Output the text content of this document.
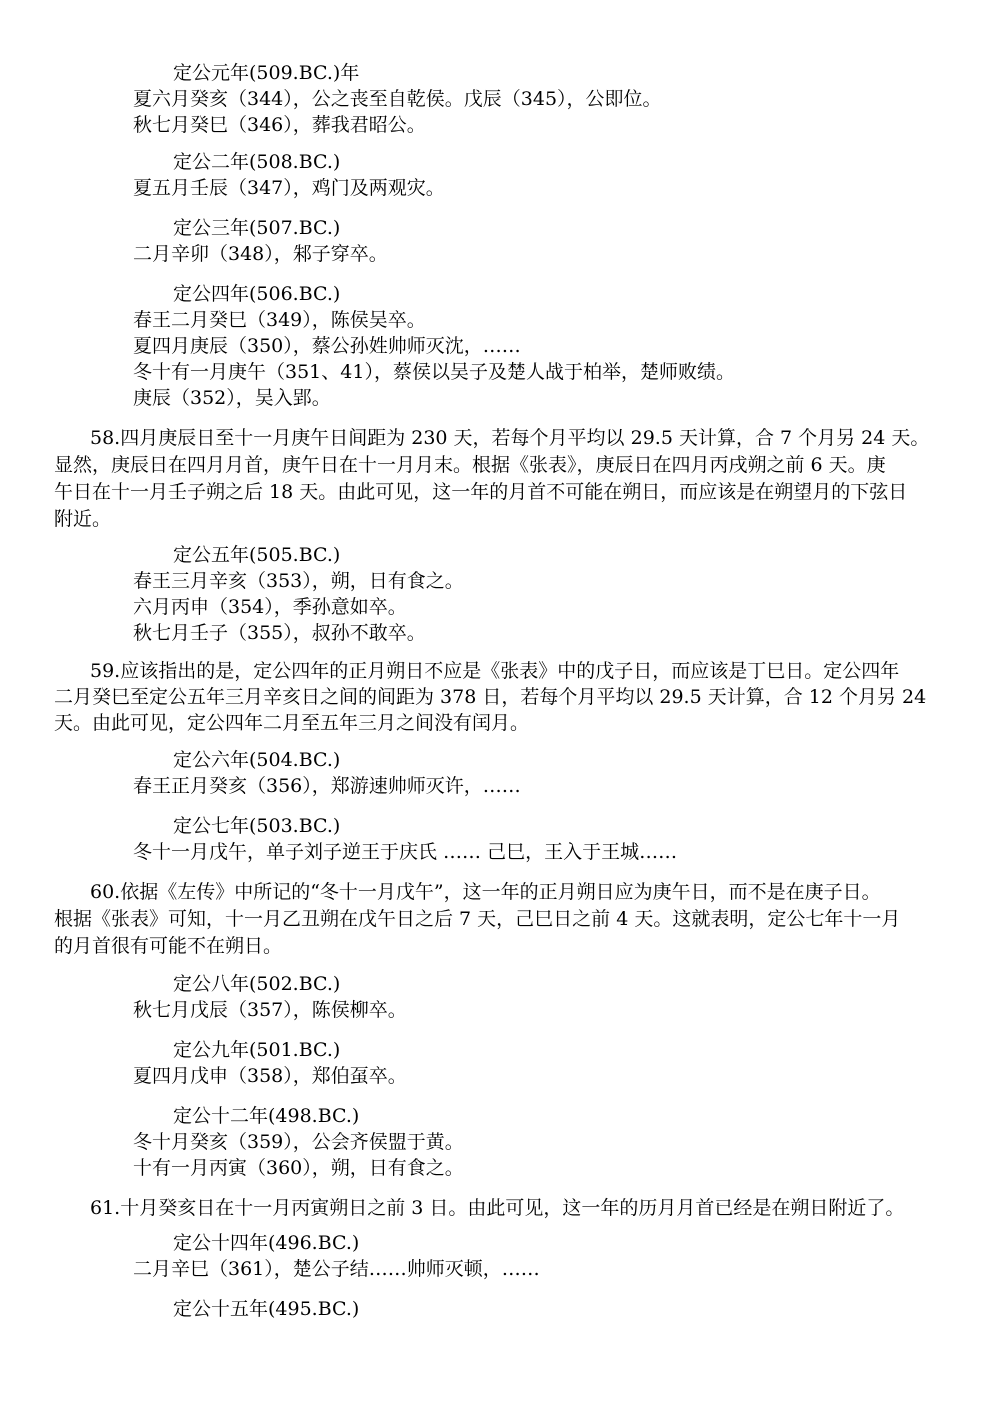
定公元年(509.BC.)年
夏六月癸亥（344），公之丧至自乾侯。戊辰（345），公即位。
秋七月癸巳（346），葬我君昭公。
定公二年(508.BC.)
夏五月壬辰（347），鸡门及两观灾。
定公三年(507.BC.)
二月辛卯（348），邾子穿卒。
定公四年(506.BC.)
春王二月癸巳（349），陈侯吴卒。
夏四月庚辰（350），蔡公孙姓帅师灭沈，……
冬十有一月庚午（351、41），蔡侯以吴子及楚人战于柏举，楚师败绩。
庚辰（352），吴入郢。
58.四月庚辰日至十一月庚午日间距为 230 天，若每个月平均以 29.5 天计算，合 7 个月另 24 天。
显然，庚辰日在四月月首，庚午日在十一月月末。根据《张表》，庚辰日在四月丙戌朔之前 6 天。庚
午日在十一月壬子朔之后 18 天。由此可见，这一年的月首不可能在朔日，而应该是在朔望月的下弦日
附近。
定公五年(505.BC.)
春王三月辛亥（353），朔，日有食之。
六月丙申（354），季孙意如卒。
秋七月壬子（355），叔孙不敢卒。
59.应该指出的是，定公四年的正月朔日不应是《张表》中的戊子日，而应该是丁巳日。定公四年
二月癸巳至定公五年三月辛亥日之间的间距为 378 日，若每个月平均以 29.5 天计算，合 12 个月另 24
天。由此可见，定公四年二月至五年三月之间没有闰月。
定公六年(504.BC.)
春王正月癸亥（356），郑游速帅师灭许，……
定公七年(503.BC.)
冬十一月戊午，单子刘子逆王于庆氏 …… 己巳，王入于王城……
60.依据《左传》中所记的“冬十一月戊午”，这一年的正月朔日应为庚午日，而不是在庚子日。
根据《张表》可知，十一月乙丑朔在戊午日之后 7 天，己巳日之前 4 天。这就表明，定公七年十一月
的月首很有可能不在朔日。
定公八年(502.BC.)
秋七月戊辰（357），陈侯柳卒。
定公九年(501.BC.)
夏四月戊申（358），郑伯虿卒。
定公十二年(498.BC.)
冬十月癸亥（359），公会齐侯盟于黄。
十有一月丙寅（360），朔，日有食之。
61.十月癸亥日在十一月丙寅朔日之前 3 日。由此可见，这一年的历月月首已经是在朔日附近了。
定公十四年(496.BC.)
二月辛巳（361），楚公子结……帅师灭顿，……
定公十五年(495.BC.)
